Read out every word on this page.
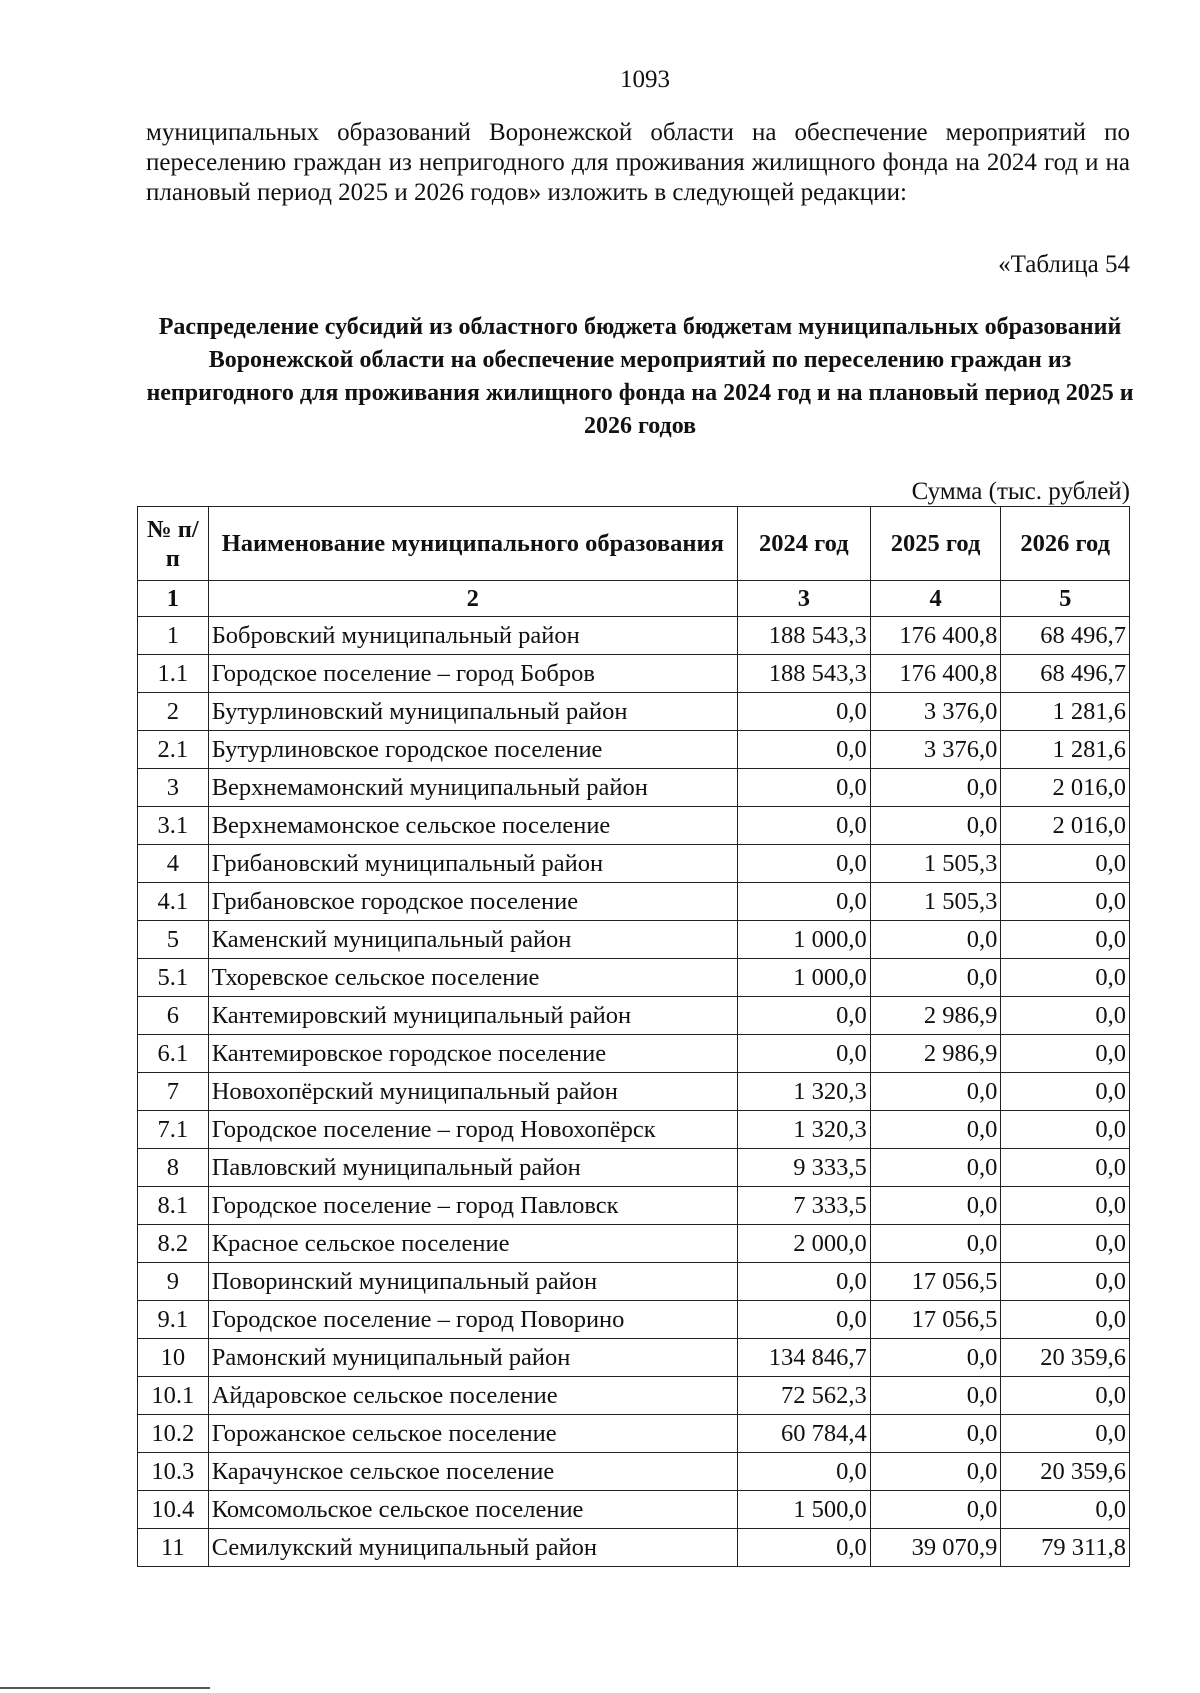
1093

муниципальных образований Воронежской области на обеспечение мероприятий по переселению граждан из непригодного для проживания жилищного фонда на 2024 год и на плановый период 2025 и 2026 годов» изложить в следующей редакции:

«Таблица 54
Распределение субсидий из областного бюджета бюджетам муниципальных образований Воронежской области на обеспечение мероприятий по переселению граждан из непригодного для проживания жилищного фонда на 2024 год и на плановый период 2025 и 2026 годов
Сумма (тыс. рублей)
№ п/п	Наименование муниципального образования	2024 год	2025 год	2026 год
1	2	3	4	5
1	Бобровский муниципальный район	188 543,3	176 400,8	68 496,7
1.1	Городское поселение – город Бобров	188 543,3	176 400,8	68 496,7
2	Бутурлиновский муниципальный район	0,0	3 376,0	1 281,6
2.1	Бутурлиновское городское поселение	0,0	3 376,0	1 281,6
3	Верхнемамонский муниципальный район	0,0	0,0	2 016,0
3.1	Верхнемамонское сельское поселение	0,0	0,0	2 016,0
4	Грибановский муниципальный район	0,0	1 505,3	0,0
4.1	Грибановское городское поселение	0,0	1 505,3	0,0
5	Каменский муниципальный район	1 000,0	0,0	0,0
5.1	Тхоревское сельское поселение	1 000,0	0,0	0,0
6	Кантемировский муниципальный район	0,0	2 986,9	0,0
6.1	Кантемировское городское поселение	0,0	2 986,9	0,0
7	Новохопёрский муниципальный район	1 320,3	0,0	0,0
7.1	Городское поселение – город Новохопёрск	1 320,3	0,0	0,0
8	Павловский муниципальный район	9 333,5	0,0	0,0
8.1	Городское поселение – город Павловск	7 333,5	0,0	0,0
8.2	Красное сельское поселение	2 000,0	0,0	0,0
9	Поворинский муниципальный район	0,0	17 056,5	0,0
9.1	Городское поселение – город Поворино	0,0	17 056,5	0,0
10	Рамонский муниципальный район	134 846,7	0,0	20 359,6
10.1	Айдаровское сельское поселение	72 562,3	0,0	0,0
10.2	Горожанское сельское поселение	60 784,4	0,0	0,0
10.3	Карачунское сельское поселение	0,0	0,0	20 359,6
10.4	Комсомольское сельское поселение	1 500,0	0,0	0,0
11	Семилукский муниципальный район	0,0	39 070,9	79 311,8
